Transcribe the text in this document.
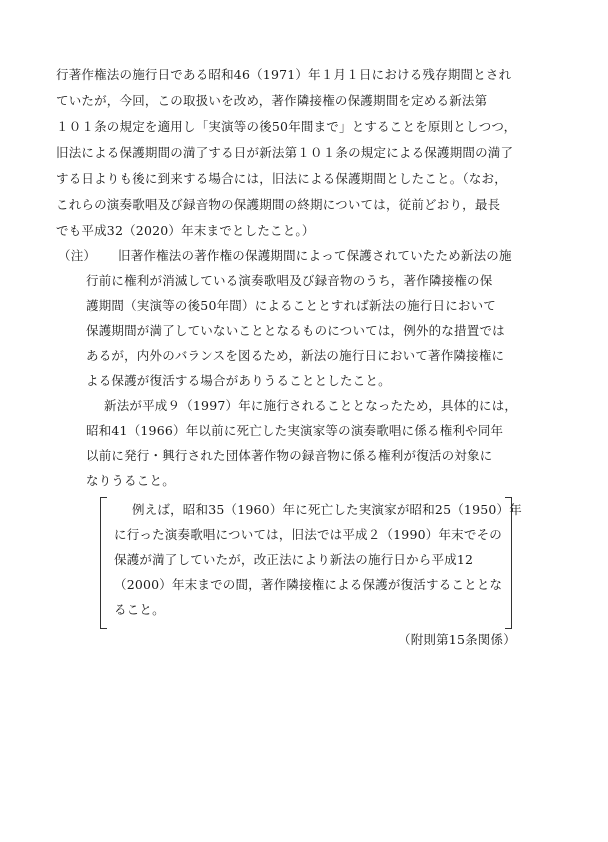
行著作権法の施行日である昭和46（1971）年１月１日における残存期間とされ
ていたが，今回，この取扱いを改め，著作隣接権の保護期間を定める新法第
１０１条の規定を適用し「実演等の後50年間まで」とすることを原則としつつ，
旧法による保護期間の満了する日が新法第１０１条の規定による保護期間の満了
する日よりも後に到来する場合には，旧法による保護期間としたこと。（なお，
これらの演奏歌唱及び録音物の保護期間の終期については，従前どおり，最長
でも平成32（2020）年末までとしたこと。）
（注） 旧著作権法の著作権の保護期間によって保護されていたため新法の施
行前に権利が消滅している演奏歌唱及び録音物のうち，著作隣接権の保
護期間（実演等の後50年間）によることとすれば新法の施行日において
保護期間が満了していないこととなるものについては，例外的な措置では
あるが，内外のバランスを図るため，新法の施行日において著作隣接権に
よる保護が復活する場合がありうることとしたこと。
新法が平成９（1997）年に施行されることとなったため，具体的には，
昭和41（1966）年以前に死亡した実演家等の演奏歌唱に係る権利や同年
以前に発行・興行された団体著作物の録音物に係る権利が復活の対象に
なりうること。
例えば，昭和35（1960）年に死亡した実演家が昭和25（1950）年
に行った演奏歌唱については，旧法では平成２（1990）年末でその
保護が満了していたが，改正法により新法の施行日から平成12
（2000）年末までの間，著作隣接権による保護が復活することとな
ること。
（附則第15条関係）
